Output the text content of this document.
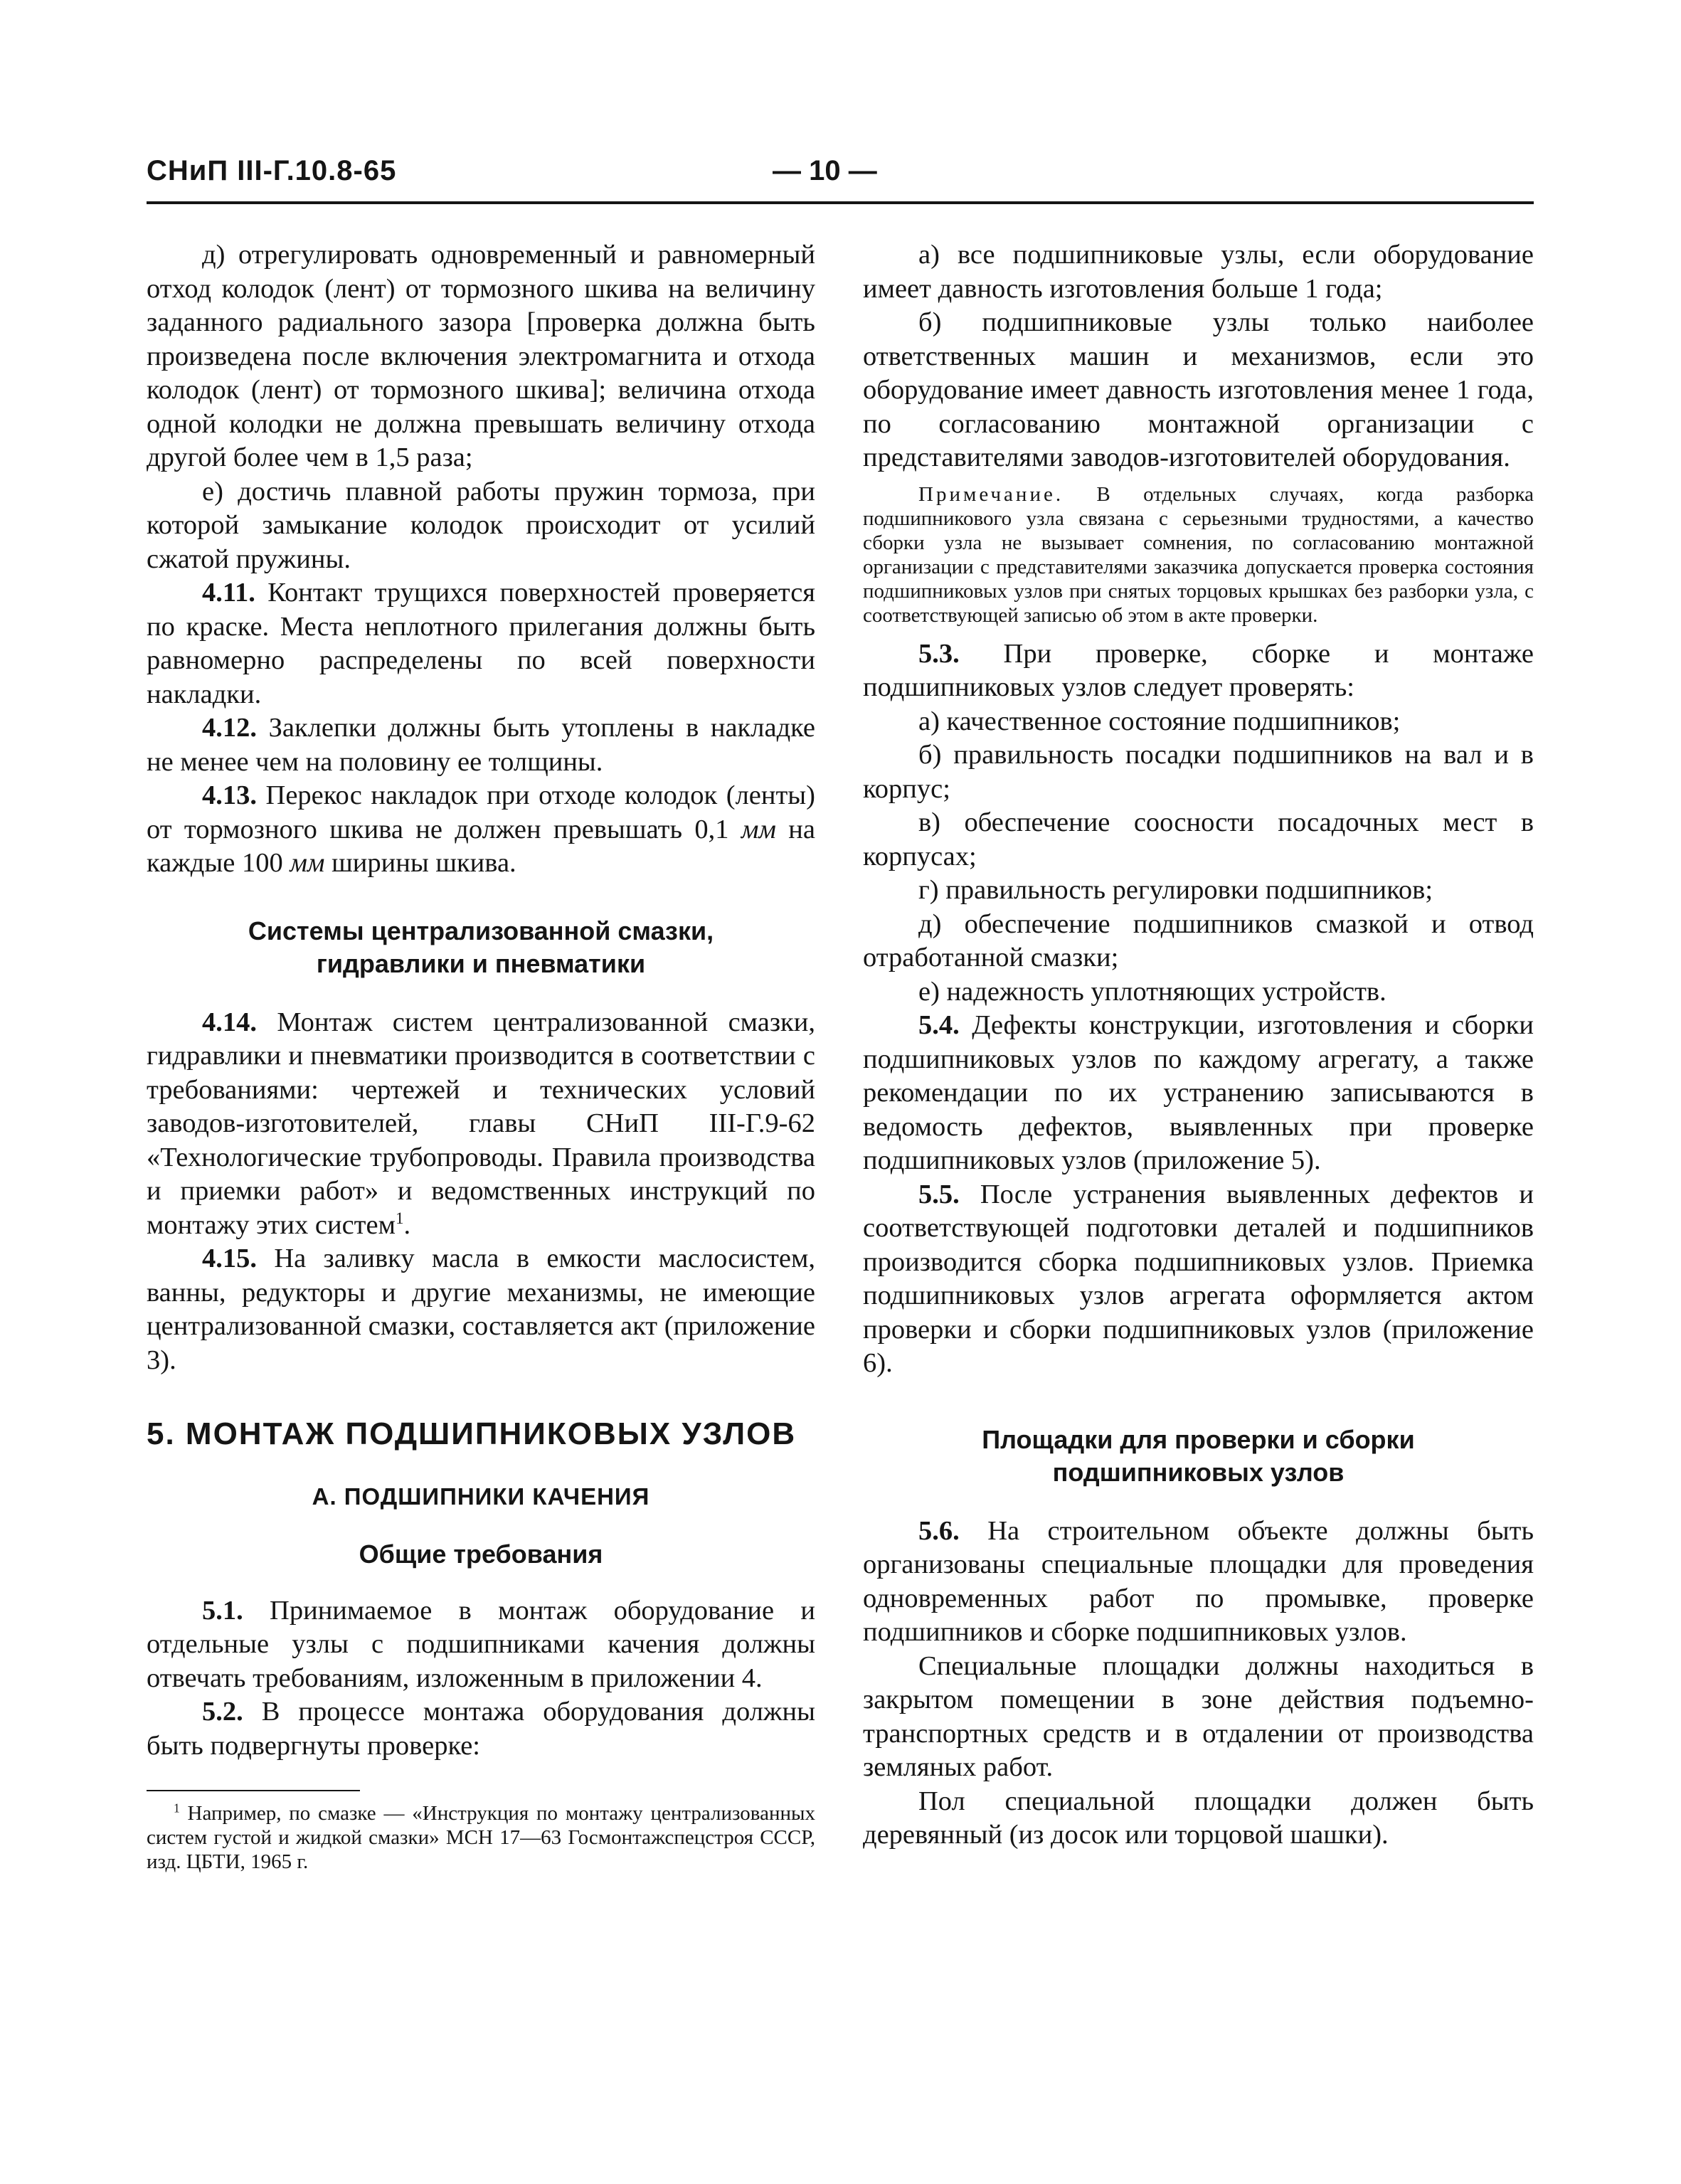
СНиП III-Г.10.8-65	— 10 —

д) отрегулировать одновременный и равномерный отход колодок (лент) от тормозного шкива на величину заданного радиального зазора [проверка должна быть произведена после включения электромагнита и отхода колодок (лент) от тормозного шкива]; величина отхода одной колодки не должна превышать величину отхода другой более чем в 1,5 раза;

е) достичь плавной работы пружин тормоза, при которой замыкание колодок происходит от усилий сжатой пружины.

4.11. Контакт трущихся поверхностей проверяется по краске. Места неплотного прилегания должны быть равномерно распределены по всей поверхности накладки.

4.12. Заклепки должны быть утоплены в накладке не менее чем на половину ее толщины.

4.13. Перекос накладок при отходе колодок (ленты) от тормозного шкива не должен превышать 0,1 мм на каждые 100 мм ширины шкива.

Системы централизованной смазки, гидравлики и пневматики

4.14. Монтаж систем централизованной смазки, гидравлики и пневматики производится в соответствии с требованиями: чертежей и технических условий заводов-изготовителей, главы СНиП III-Г.9-62 «Технологические трубопроводы. Правила производства и приемки работ» и ведомственных инструкций по монтажу этих систем$^1$.

4.15. На заливку масла в емкости маслосистем, ванны, редукторы и другие механизмы, не имеющие централизованной смазки, составляется акт (приложение 3).

5. МОНТАЖ ПОДШИПНИКОВЫХ УЗЛОВ
А. ПОДШИПНИКИ КАЧЕНИЯ
Общие требования

5.1. Принимаемое в монтаж оборудование и отдельные узлы с подшипниками качения должны отвечать требованиям, изложенным в приложении 4.

5.2. В процессе монтажа оборудования должны быть подвергнуты проверке:

$^1$ Например, по смазке — «Инструкция по монтажу централизованных систем густой и жидкой смазки» МСН 17—63 Госмонтажспецстроя СССР, изд. ЦБТИ, 1965 г.

а) все подшипниковые узлы, если оборудование имеет давность изготовления больше 1 года;

б) подшипниковые узлы только наиболее ответственных машин и механизмов, если это оборудование имеет давность изготовления менее 1 года, по согласованию монтажной организации с представителями заводов-изготовителей оборудования.

Примечание. В отдельных случаях, когда разборка подшипникового узла связана с серьезными трудностями, а качество сборки узла не вызывает сомнения, по согласованию монтажной организации с представителями заказчика допускается проверка состояния подшипниковых узлов при снятых торцовых крышках без разборки узла, с соответствующей записью об этом в акте проверки.

5.3. При проверке, сборке и монтаже подшипниковых узлов следует проверять:

а) качественное состояние подшипников;

б) правильность посадки подшипников на вал и в корпус;

в) обеспечение соосности посадочных мест в корпусах;

г) правильность регулировки подшипников;

д) обеспечение подшипников смазкой и отвод отработанной смазки;

е) надежность уплотняющих устройств.

5.4. Дефекты конструкции, изготовления и сборки подшипниковых узлов по каждому агрегату, а также рекомендации по их устранению записываются в ведомость дефектов, выявленных при проверке подшипниковых узлов (приложение 5).

5.5. После устранения выявленных дефектов и соответствующей подготовки деталей и подшипников производится сборка подшипниковых узлов. Приемка подшипниковых узлов агрегата оформляется актом проверки и сборки подшипниковых узлов (приложение 6).

Площадки для проверки и сборки подшипниковых узлов

5.6. На строительном объекте должны быть организованы специальные площадки для проведения одновременных работ по промывке, проверке подшипников и сборке подшипниковых узлов.

Специальные площадки должны находиться в закрытом помещении в зоне действия подъемно-транспортных средств и в отдалении от производства земляных работ.

Пол специальной площадки должен быть деревянный (из досок или торцовой шашки).
